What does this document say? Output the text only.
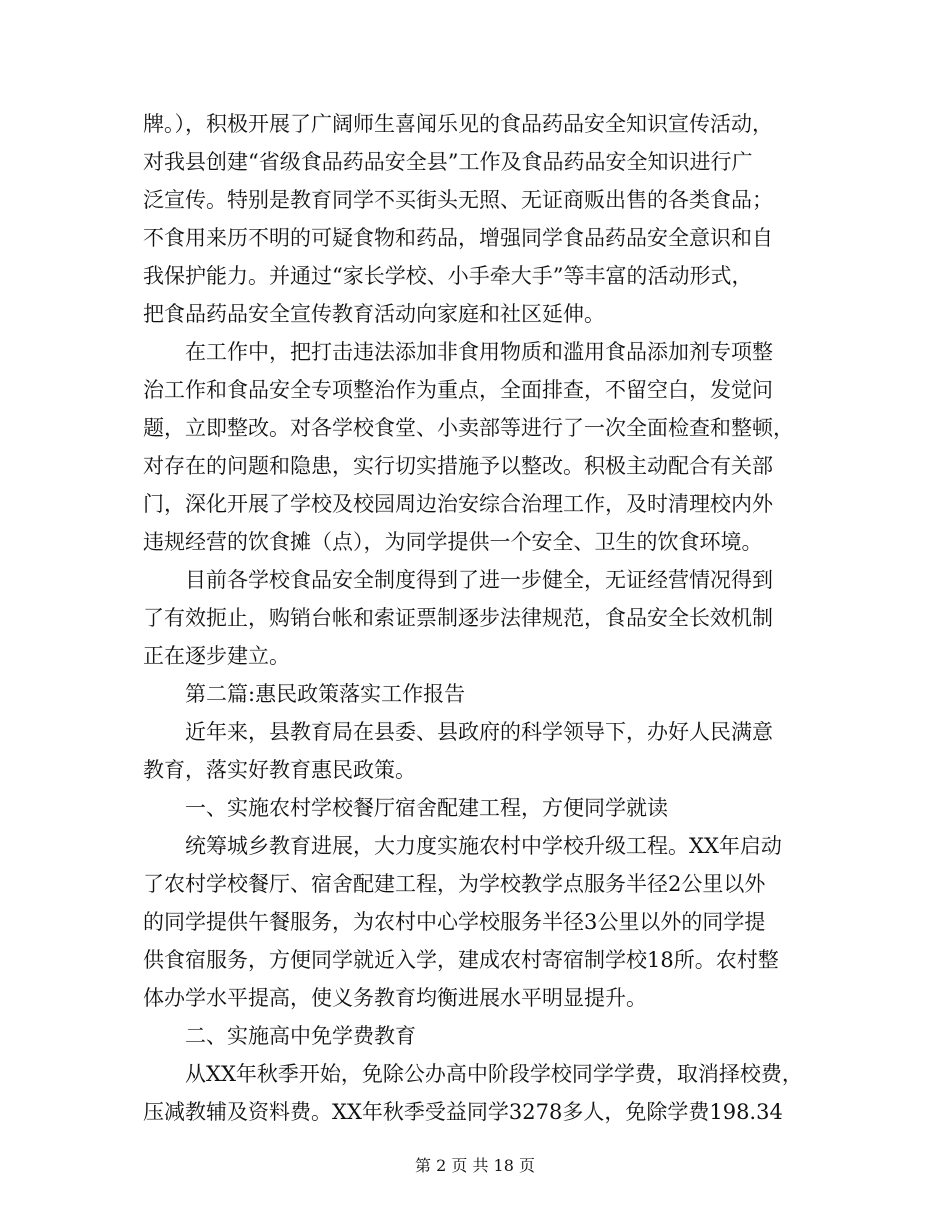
牌。），积极开展了广阔师生喜闻乐见的食品药品安全知识宣传活动，
对我县创建“省级食品药品安全县”工作及食品药品安全知识进行广
泛宣传。特别是教育同学不买街头无照、无证商贩出售的各类食品；
不食用来历不明的可疑食物和药品，增强同学食品药品安全意识和自
我保护能力。并通过“家长学校、小手牵大手”等丰富的活动形式，
把食品药品安全宣传教育活动向家庭和社区延伸。
在工作中，把打击违法添加非食用物质和滥用食品添加剂专项整
治工作和食品安全专项整治作为重点，全面排查，不留空白，发觉问
题，立即整改。对各学校食堂、小卖部等进行了一次全面检查和整顿，
对存在的问题和隐患，实行切实措施予以整改。积极主动配合有关部
门，深化开展了学校及校园周边治安综合治理工作，及时清理校内外
违规经营的饮食摊（点），为同学提供一个安全、卫生的饮食环境。
目前各学校食品安全制度得到了进一步健全，无证经营情况得到
了有效扼止，购销台帐和索证票制逐步法律规范，食品安全长效机制
正在逐步建立。
第二篇:惠民政策落实工作报告
近年来，县教育局在县委、县政府的科学领导下，办好人民满意
教育，落实好教育惠民政策。
一、实施农村学校餐厅宿舍配建工程，方便同学就读
统筹城乡教育进展，大力度实施农村中学校升级工程。XX年启动
了农村学校餐厅、宿舍配建工程，为学校教学点服务半径2公里以外
的同学提供午餐服务，为农村中心学校服务半径3公里以外的同学提
供食宿服务，方便同学就近入学，建成农村寄宿制学校18所。农村整
体办学水平提高，使义务教育均衡进展水平明显提升。
二、实施高中免学费教育
从XX年秋季开始，免除公办高中阶段学校同学学费，取消择校费，
压减教辅及资料费。XX年秋季受益同学3278多人，免除学费198.34
第 2 页 共 18 页
